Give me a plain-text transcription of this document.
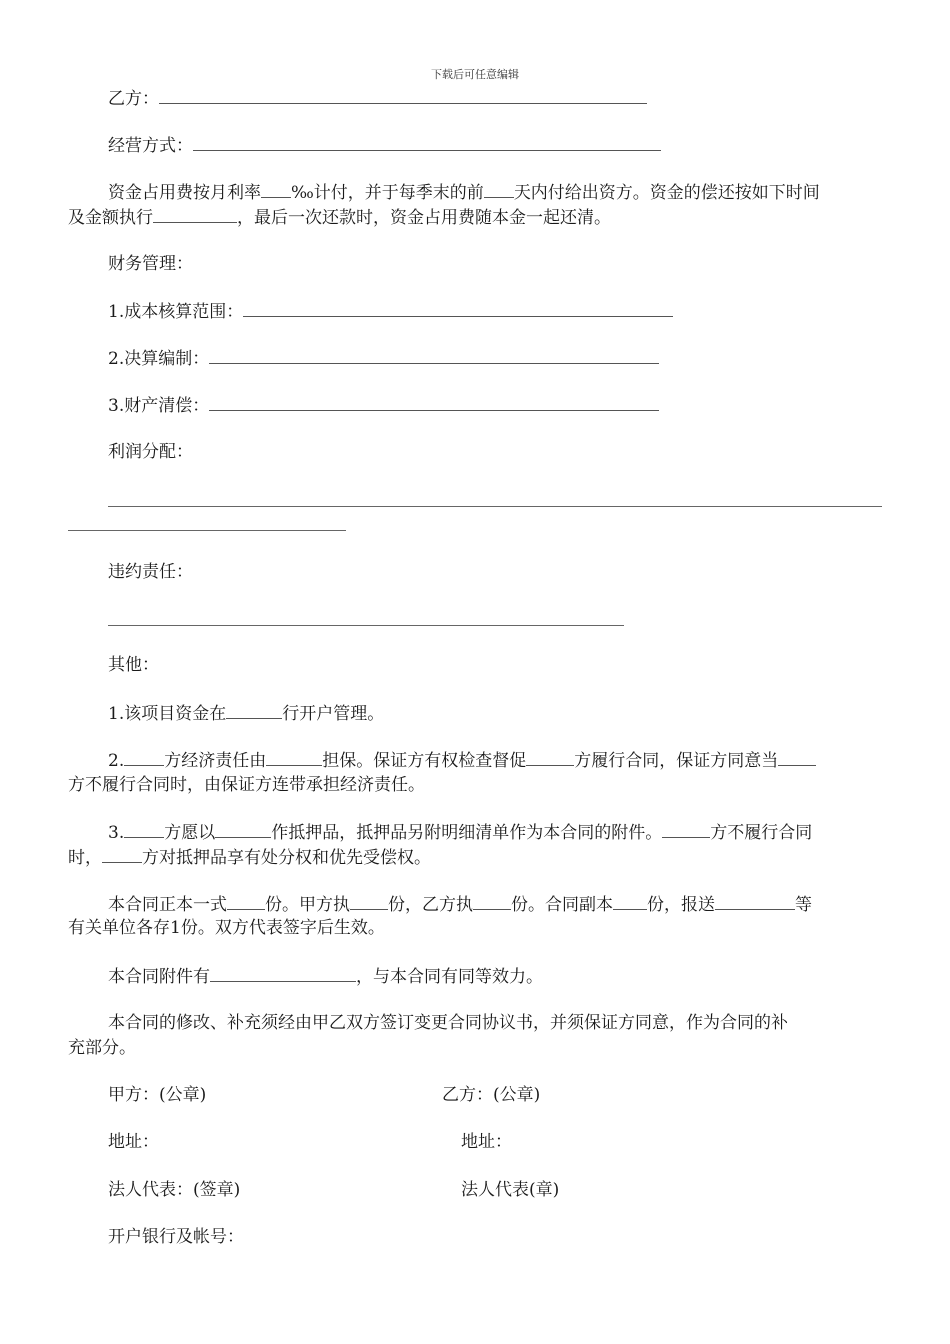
下载后可任意编辑
乙方：
经营方式：
资金占用费按月利率 ‰计付，并于每季末的前 天内付给出资方。资金的偿还按如下时间
及金额执行	，最后一次还款时，资金占用费随本金一起还清。
财务管理：
1.成本核算范围：
2.决算编制：
3.财产清偿：
利润分配：
违约责任：
其他：
1.该项目资金在	行开户管理。
2. 方经济责任由	担保。保证方有权检查督促	方履行合同，保证方同意当
方不履行合同时，由保证方连带承担经济责任。
3. 方愿以	作抵押品，抵押品另附明细清单作为本合同的附件。	方不履行合同
时， 方对抵押品享有处分权和优先受偿权。
本合同正本一式 份。甲方执 份，乙方执 份。合同副本 份，报送	等
有关单位各存1份。双方代表签字后生效。
本合同附件有	，与本合同有同等效力。
本合同的修改、补充须经由甲乙双方签订变更合同协议书，并须保证方同意，作为合同的补
充部分。
甲方：(公章)	乙方：(公章)
地址：	地址：
法人代表：(签章)	法人代表(章)
开户银行及帐号：
